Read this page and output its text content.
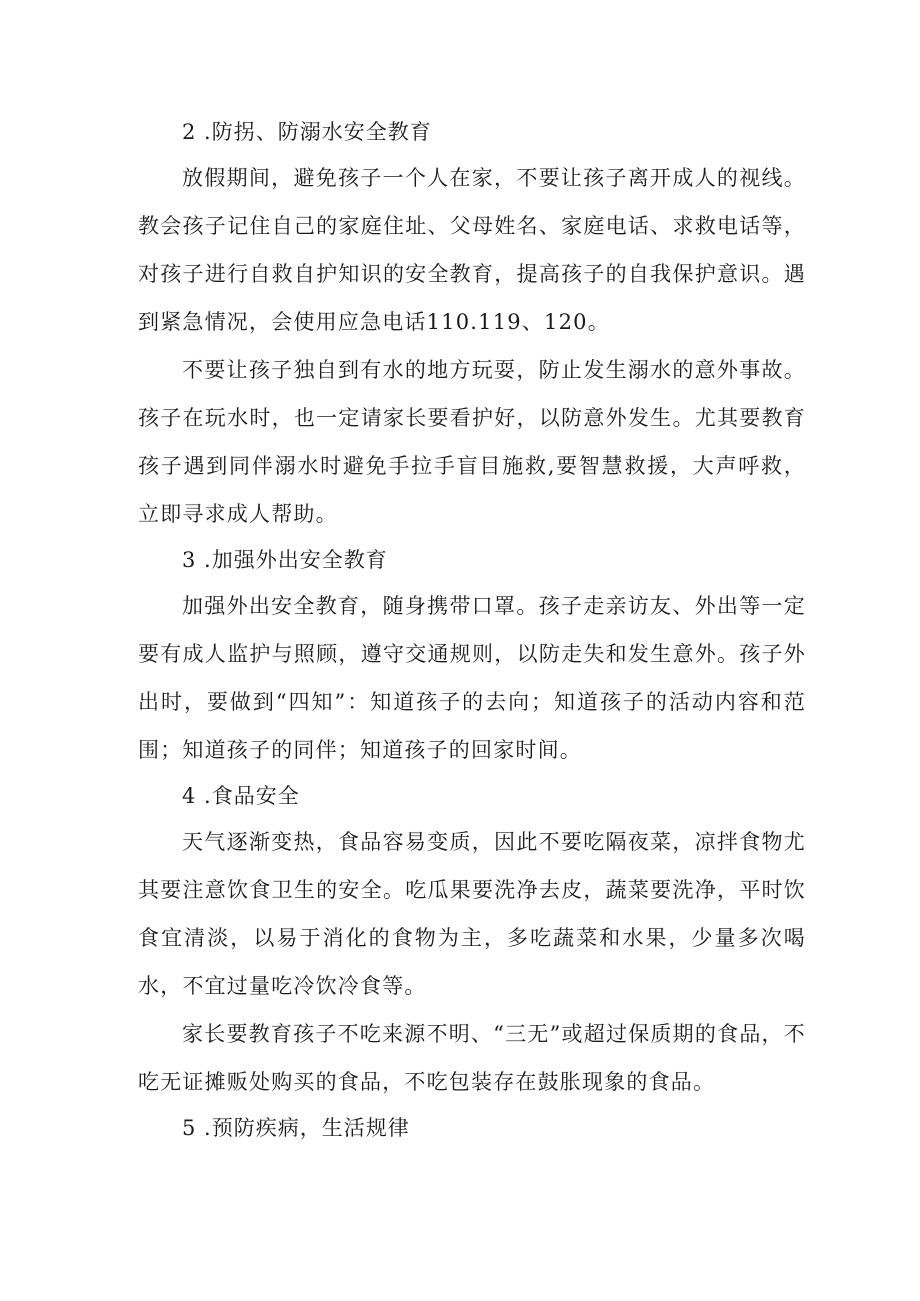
2 .防拐、防溺水安全教育

放假期间，避免孩子一个人在家，不要让孩子离开成人的视线。教会孩子记住自己的家庭住址、父母姓名、家庭电话、求救电话等，对孩子进行自救自护知识的安全教育，提高孩子的自我保护意识。遇到紧急情况，会使用应急电话110.119、120。

不要让孩子独自到有水的地方玩耍，防止发生溺水的意外事故。孩子在玩水时，也一定请家长要看护好，以防意外发生。尤其要教育孩子遇到同伴溺水时避免手拉手盲目施救,要智慧救援，大声呼救，立即寻求成人帮助。

3 .加强外出安全教育

加强外出安全教育，随身携带口罩。孩子走亲访友、外出等一定要有成人监护与照顾，遵守交通规则，以防走失和发生意外。孩子外出时，要做到“四知”：知道孩子的去向；知道孩子的活动内容和范围；知道孩子的同伴；知道孩子的回家时间。

4 .食品安全

天气逐渐变热，食品容易变质，因此不要吃隔夜菜，凉拌食物尤其要注意饮食卫生的安全。吃瓜果要洗净去皮，蔬菜要洗净，平时饮食宜清淡，以易于消化的食物为主，多吃蔬菜和水果，少量多次喝水，不宜过量吃冷饮冷食等。

家长要教育孩子不吃来源不明、“三无”或超过保质期的食品，不吃无证摊贩处购买的食品，不吃包装存在鼓胀现象的食品。

5 .预防疾病，生活规律
